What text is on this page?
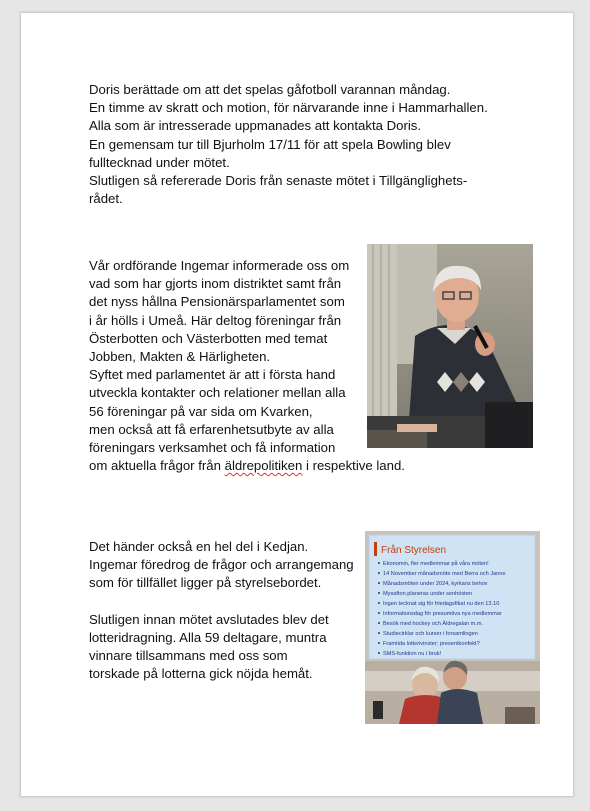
Doris berättade om att det spelas gåfotboll varannan måndag.
En timme av skratt och motion, för närvarande inne i Hammarhallen.
Alla som är intresserade uppmanades att kontakta Doris.
En gemensam tur till Bjurholm 17/11 för att spela Bowling blev
fulltecknad under mötet.
Slutligen så refererade Doris från senaste mötet i Tillgänglighets-
rådet.
Vår ordförande Ingemar informerade oss om
vad som har gjorts inom distriktet samt från
det nyss hållna Pensionärsparlamentet som
i år hölls i Umeå. Här deltog föreningar från
Österbotten och Västerbotten med temat
Jobben, Makten & Härligheten.
Syftet med parlamentet är att i första hand
utveckla kontakter och relationer mellan alla
56 föreningar på var sida om Kvarken,
men också att få erfarenhetsutbyte av alla
föreningars verksamhet och få information
om aktuella frågor från äldrepolitiken i respektive land.
Det händer också en hel del i Kedjan.
Ingemar föredrog de frågor och arrangemang
som för tillfället ligger på styrelsebordet.
Slutligen innan mötet avslutades blev det
lotteridragning. Alla 59 deltagare, muntra
vinnare tillsammans med oss som
torskade på lotterna gick nöjda hemåt.
Från Styrelsen
Ekonomin, fler medlemmar på våra möten!
14 November månadsmöte med Berra och Janne
Månadsmöten under 2024, kyrkans behov
Mysafton planeras under senhösten
Ingen tecknat sig för friedagsfikat nu den 13.10
Informationsdag för presumtiva nya medlemmar
Besök med hockey och Äldregalan m.m.
Studiecirklar och kurser i forsamlingen
Framtida lotterivinster; presentkonfekt?
SMS-funktion nu i bruk!
